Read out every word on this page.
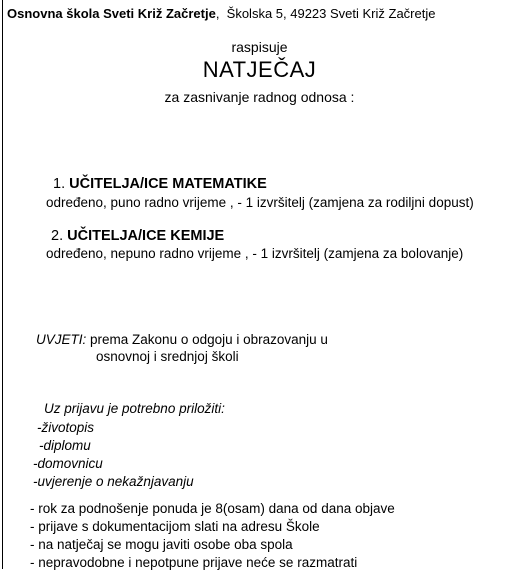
Osnovna škola Sveti Križ Začretje,  Školska 5, 49223 Sveti Križ Začretje
raspisuje
NATJEČAJ
za zasnivanje radnog odnosa :
1. UČITELJA/ICE MATEMATIKE
određeno, puno radno vrijeme , - 1 izvršitelj (zamjena za rodiljni dopust)
2. UČITELJA/ICE KEMIJE
određeno, nepuno radno vrijeme , - 1 izvršitelj (zamjena za bolovanje)
UVJETI: prema Zakonu o odgoju i obrazovanju u
osnovnoj i srednjoj školi
Uz prijavu je potrebno priložiti:
-životopis
-diplomu
-domovnicu
-uvjerenje o nekažnjavanju
- rok za podnošenje ponuda je 8(osam) dana od dana objave
- prijave s dokumentacijom slati na adresu Škole
- na natječaj se mogu javiti osobe oba spola
- nepravodobne i nepotpune prijave neće se razmatrati
